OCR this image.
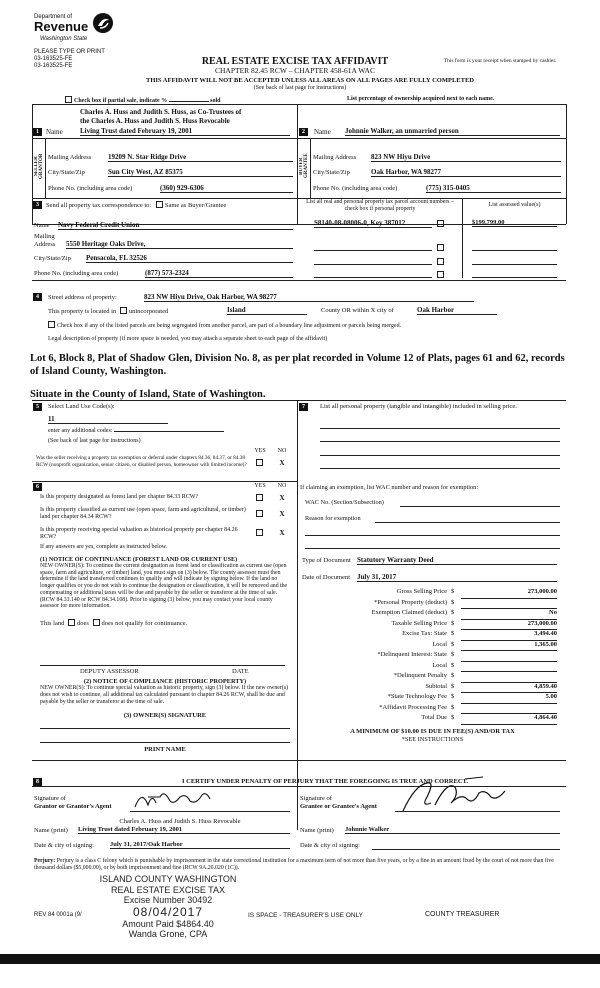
Department of
Revenue
Washington State
PLEASE TYPE OR PRINT
03-163525-FE
03-163525-FE	REAL ESTATE EXCISE TAX AFFIDAVIT
CHAPTER 82.45 RCW – CHAPTER 458-61A WAC
This form is your receipt when stamped by cashier.
THIS AFFIDAVIT WILL NOT BE ACCEPTED UNLESS ALL AREAS ON ALL PAGES ARE FULLY COMPLETED
(See back of last page for instructions)
Check box if partial sale, indicate %	sold	List percentage of ownership acquired next to each name.
Charles A. Huss and Judith S. Huss, as Co-Trustees of
the Charles A. Huss and Judith S. Huss Revocable
1	Name Living Trust dated February 19, 2001	2	Name Johnnie Walker, an unmarried person
SELLER GRANTOR Mailing Address 19209 N. Star Ridge Drive
City/State/Zip	Sun City West, AZ 85375
Phone No. (including area code)	(360) 929-6306
BUYER GRANTEE Mailing Address 823 NW Hiyu Drive
City/State/Zip	Oak Harbor, WA 98277
Phone No. (including area code)	(775) 315-0405
3	Send all property tax correspondence to: Same as Buyer/Grantee	List all real and personal property tax parcel account numbers – check box if personal property
List assessed value(s)
Name Navy Federal Credit Union
Mailing
Address 5550 Heritage Oaks Drive,
City/State/Zip Pensacola, FL 32526
Phone No. (including area code)	(877) 573-2324
S8140-08-08006-0, Key 387012	$199,799.00
4	Street address of property:	823 NW Hiyu Drive, Oak Harbor, WA 98277
This property is located in unincorporated	Island	County OR within X city of	Oak Harbor
Check box if any of the listed parcels are being segregated from another parcel, are part of a boundary line adjustment or parcels being merged.
Legal description of property (if more space is needed, you may attach a separate sheet to each page of the affidavit)
Lot 6, Block 8, Plat of Shadow Glen, Division No. 8, as per plat recorded in Volume 12 of Plats, pages 61 and 62, records of Island County, Washington.
Situate in the County of Island, State of Washington.
5	Select Land Use Code(s):
11
enter any additional codes:
(See back of last page for instructions)
YES	NO
Was the seller receiving a property tax exemption or deferral under chapters 84.36, 84.37, or 84.38 RCW (nonprofit organization, senior citizen, or disabled person, homeowner with limited income)?	X
6	YES	NO
Is this property designated as forest land per chapter 84.33 RCW?	X
Is this property classified as current use (open space, farm and agricultural, or timber) land per chapter 84.34 RCW?	X
Is this property receiving special valuation as historical property per chapter 84.26 RCW?	X
If any answers are yes, complete as instructed below.
(1) NOTICE OF CONTINUANCE (FOREST LAND OR CURRENT USE)
NEW OWNER(S): To continue the current designation as forest land or classification as current use (open space, farm and agriculture, or timber) land, you must sign on (3) below. The county assessor must then determine if the land transferred continues to qualify and will indicate by signing below. If the land no longer qualifies or you do not wish to continue the designation or classification, it will be removed and the compensating or additional taxes will be due and payable by the seller or transferor at the time of sale. (RCW 84.33.140 or RCW 84.34.108). Prior to signing (3) below, you may contact your local county assessor for more information.
This land does does not qualify for continuance.
DEPUTY ASSESSOR	DATE
(2) NOTICE OF COMPLIANCE (HISTORIC PROPERTY)
NEW OWNER(S): To continue special valuation as historic property, sign (3) below. If the new owner(s) does not wish to continue, all additional tax calculated pursuant to chapter 84.26 RCW, shall be due and payable by the seller or transferor at the time of sale.
(3) OWNER(S) SIGNATURE
PRINT NAME
7	List all personal property (tangible and intangible) included in selling price.
If claiming an exemption, list WAC number and reason for exemption:
WAC No. (Section/Subsection)
Reason for exemption
Type of Document Statutory Warranty Deed
Date of Document July 31, 2017
Gross Selling Price $	273,000.00
*Personal Property (deduct) $
Exemption Claimed (deduct) $	No
Taxable Selling Price $	273,000.00
Excise Tax: State $	3,494.40
Local $	1,365.00
*Delinquent Interest: State $
Local $
*Delinquent Penalty $
Subtotal $	4,859.40
*State Technology Fee $	5.00
*Affidavit Processing Fee $
Total Due $	4,864.40
A MINIMUM OF $10.00 IS DUE IN FEE(S) AND/OR TAX
*SEE INSTRUCTIONS
8	I CERTIFY UNDER PENALTY OF PERJURY THAT THE FOREGOING IS TRUE AND CORRECT.
Signature of
Grantor or Grantor's Agent
Signature of
Grantee or Grantee's Agent
Charles A. Huss and Judith S. Huss Revocable
Name (print) Living Trust dated February 19, 2001	Name (print) Johnnie Walker
Date & city of signing: July 31, 2017/Oak Harbor	Date & city of signing:
Perjury: Perjury is a class C felony which is punishable by imprisonment in the state correctional institution for a maximum term of not more than five years, or by a fine in an amount fixed by the court of not more than five thousand dollars ($5,000.00), or by both imprisonment and fine (RCW 9A.20.020 (1C)).
ISLAND COUNTY WASHINGTON
REAL ESTATE EXCISE TAX
Excise Number 30492
08/04/2017
Amount Paid $4864.40
Wanda Grone, CPA
REV 84 0001a (9/	IS SPACE - TREASURER'S USE ONLY	COUNTY TREASURER
